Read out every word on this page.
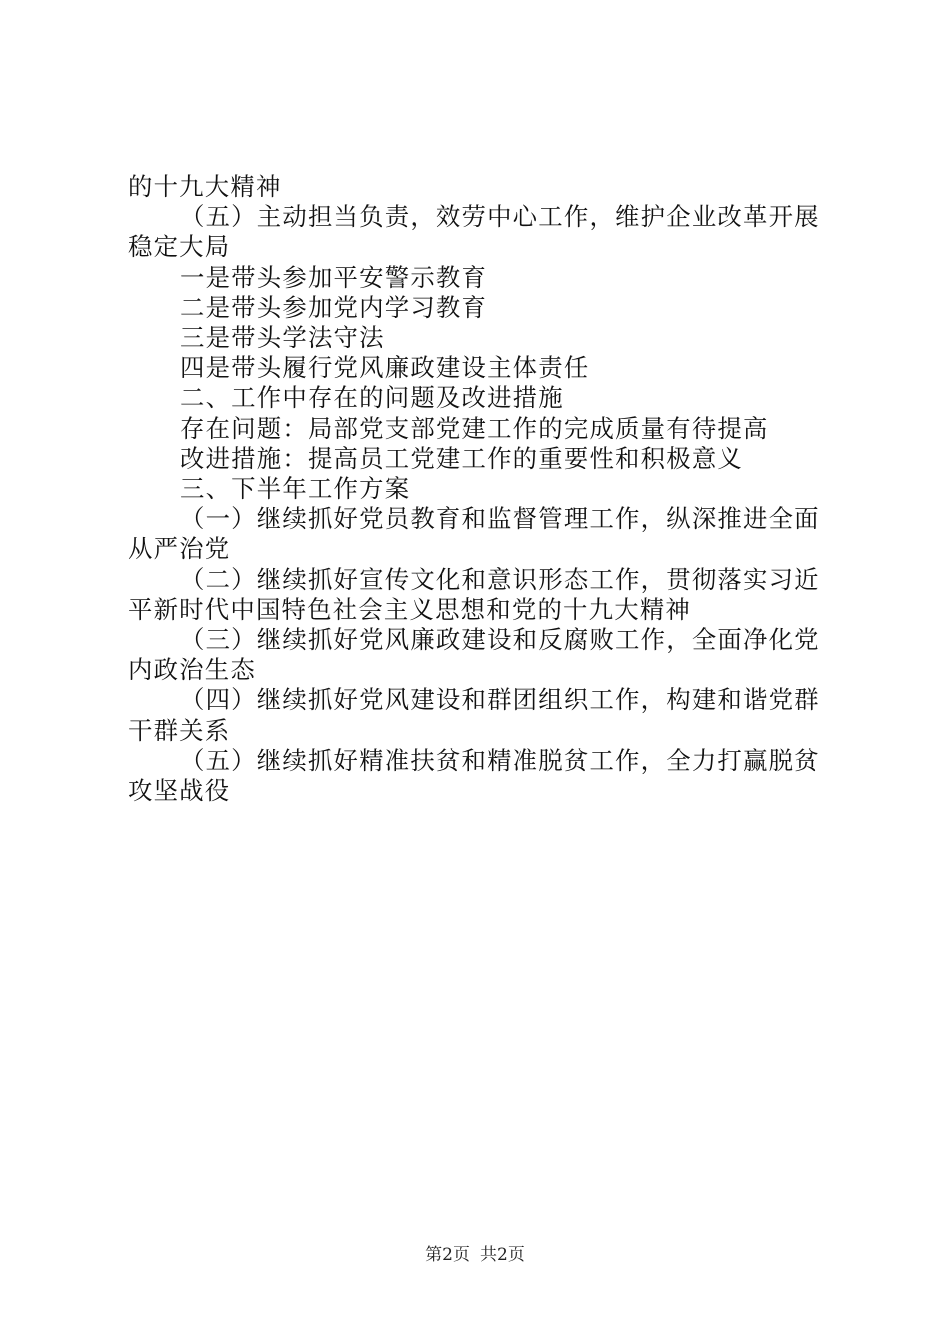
的十九大精神

（五）主动担当负责，效劳中心工作，维护企业改革开展稳定大局

一是带头参加平安警示教育

二是带头参加党内学习教育

三是带头学法守法

四是带头履行党风廉政建设主体责任

二、工作中存在的问题及改进措施

存在问题：局部党支部党建工作的完成质量有待提高

改进措施：提高员工党建工作的重要性和积极意义

三、下半年工作方案

（一）继续抓好党员教育和监督管理工作，纵深推进全面从严治党

（二）继续抓好宣传文化和意识形态工作，贯彻落实习近平新时代中国特色社会主义思想和党的十九大精神

（三）继续抓好党风廉政建设和反腐败工作，全面净化党内政治生态

（四）继续抓好党风建设和群团组织工作，构建和谐党群干群关系

（五）继续抓好精准扶贫和精准脱贫工作，全力打赢脱贫攻坚战役

第2页 共2页
